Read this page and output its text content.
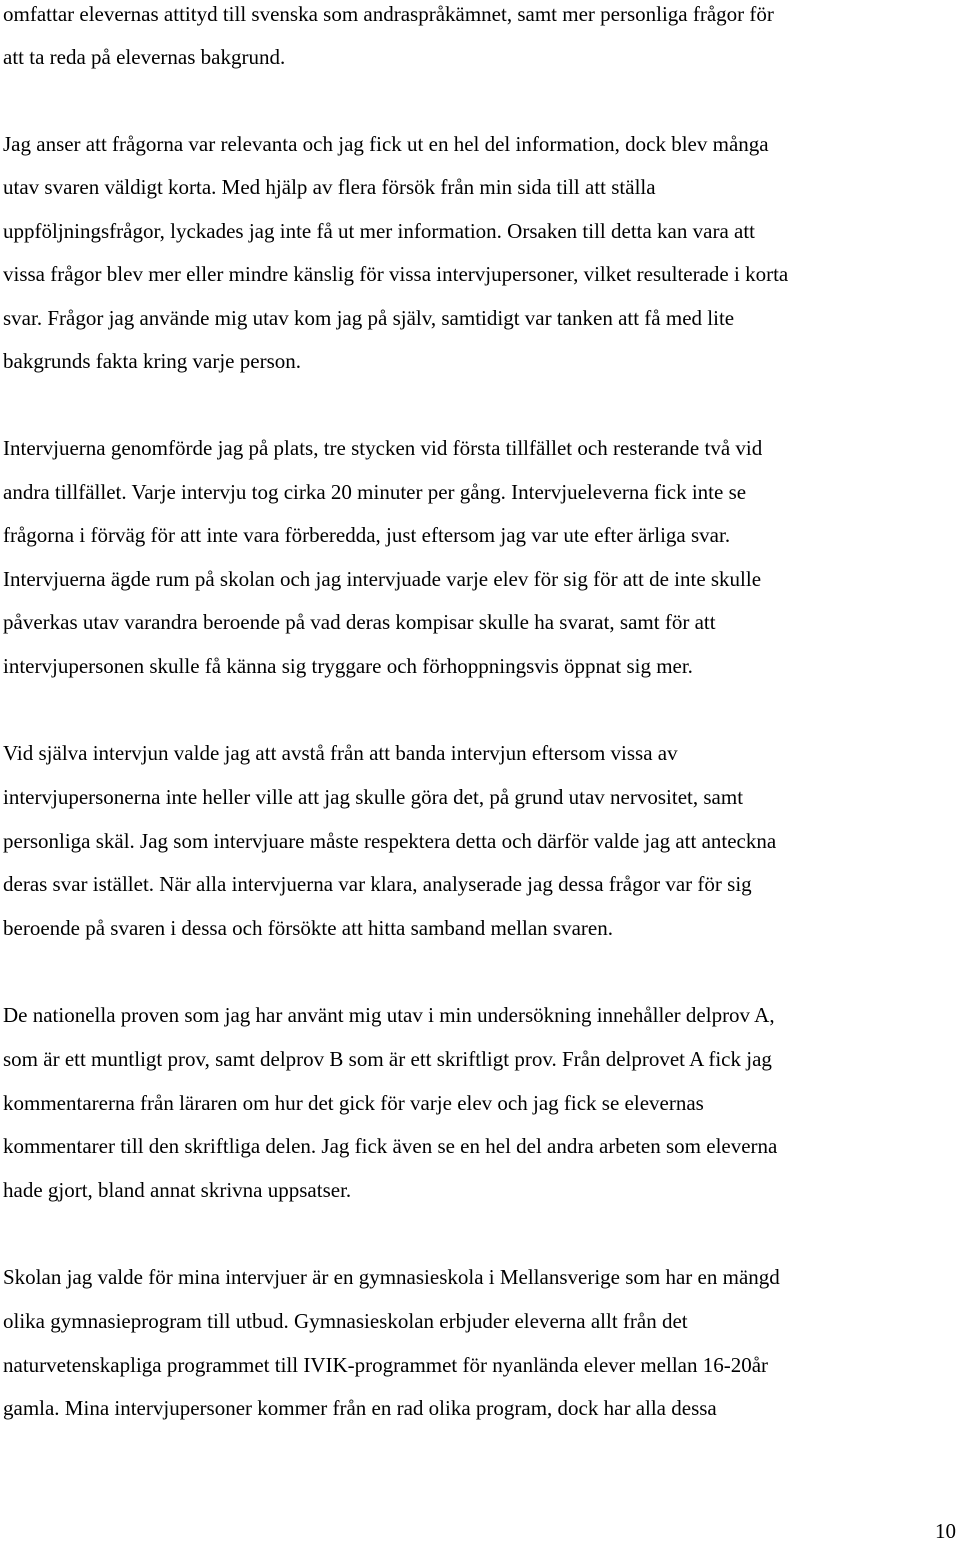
omfattar elevernas attityd till svenska som andraspråkämnet, samt mer personliga frågor för

att ta reda på elevernas bakgrund.

Jag anser att frågorna var relevanta och jag fick ut en hel del information, dock blev många

utav svaren väldigt korta. Med hjälp av flera försök från min sida till att ställa

uppföljningsfrågor, lyckades jag inte få ut mer information. Orsaken till detta kan vara att

vissa frågor blev mer eller mindre känslig för vissa intervjupersoner, vilket resulterade i korta

svar. Frågor jag använde mig utav kom jag på själv, samtidigt var tanken att få med lite

bakgrunds fakta kring varje person.

Intervjuerna genomförde jag på plats, tre stycken vid första tillfället och resterande två vid

andra tillfället. Varje intervju tog cirka 20 minuter per gång. Intervjueleverna fick inte se

frågorna i förväg för att inte vara förberedda, just eftersom jag var ute efter ärliga svar.

Intervjuerna ägde rum på skolan och jag intervjuade varje elev för sig för att de inte skulle

påverkas utav varandra beroende på vad deras kompisar skulle ha svarat, samt för att

intervjupersonen skulle få känna sig tryggare och förhoppningsvis öppnat sig mer.

Vid själva intervjun valde jag att avstå från att banda intervjun eftersom vissa av

intervjupersonerna inte heller ville att jag skulle göra det, på grund utav nervositet, samt

personliga skäl. Jag som intervjuare måste respektera detta och därför valde jag att anteckna

deras svar istället. När alla intervjuerna var klara, analyserade jag dessa frågor var för sig

beroende på svaren i dessa och försökte att hitta samband mellan svaren.

De nationella proven som jag har använt mig utav i min undersökning innehåller delprov A,

som är ett muntligt prov, samt delprov B som är ett skriftligt prov. Från delprovet A fick jag

kommentarerna från läraren om hur det gick för varje elev och jag fick se elevernas

kommentarer till den skriftliga delen. Jag fick även se en hel del andra arbeten som eleverna

hade gjort, bland annat skrivna uppsatser.

Skolan jag valde för mina intervjuer är en gymnasieskola i Mellansverige som har en mängd

olika gymnasieprogram till utbud. Gymnasieskolan erbjuder eleverna allt från det

naturvetenskapliga programmet till IVIK-programmet för nyanlända elever mellan 16-20år

gamla. Mina intervjupersoner kommer från en rad olika program, dock har alla dessa

10
